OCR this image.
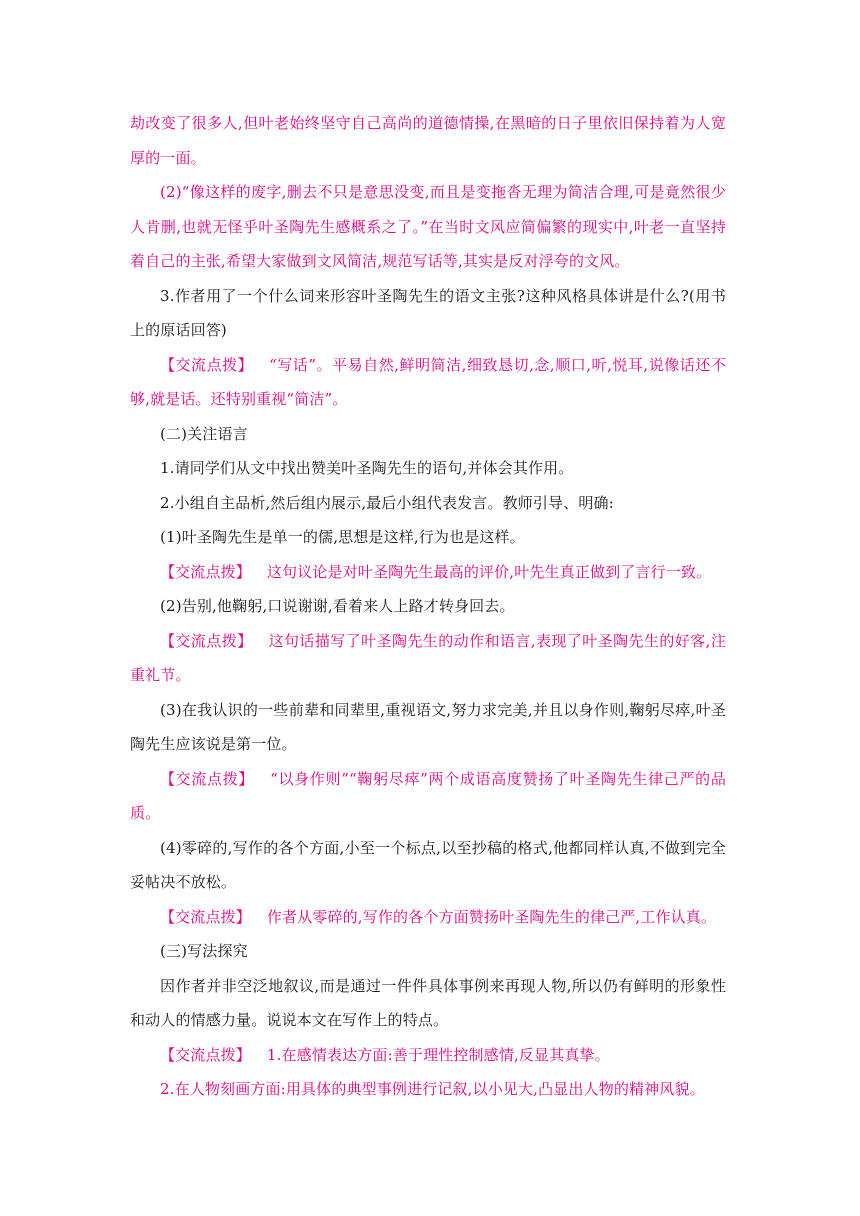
劫改变了很多人,但叶老始终坚守自己高尚的道德情操,在黑暗的日子里依旧保持着为人宽厚的一面。

(2)“像这样的废字,删去不只是意思没变,而且是变拖沓无理为简洁合理,可是竟然很少人肯删,也就无怪乎叶圣陶先生感概系之了。”在当时文风应简偏繁的现实中,叶老一直坚持着自己的主张,希望大家做到文风简洁,规范写话等,其实是反对浮夸的文风。

3.作者用了一个什么词来形容叶圣陶先生的语文主张?这种风格具体讲是什么?(用书上的原话回答)

【交流点拨】 “写话”。平易自然,鲜明简洁,细致恳切,念,顺口,听,悦耳,说像话还不够,就是话。还特别重视“简洁”。

(二)关注语言

1.请同学们从文中找出赞美叶圣陶先生的语句,并体会其作用。

2.小组自主品析,然后组内展示,最后小组代表发言。教师引导、明确:

(1)叶圣陶先生是单一的儒,思想是这样,行为也是这样。

【交流点拨】 这句议论是对叶圣陶先生最高的评价,叶先生真正做到了言行一致。

(2)告别,他鞠躬,口说谢谢,看着来人上路才转身回去。

【交流点拨】 这句话描写了叶圣陶先生的动作和语言,表现了叶圣陶先生的好客,注重礼节。

(3)在我认识的一些前辈和同辈里,重视语文,努力求完美,并且以身作则,鞠躬尽瘁,叶圣陶先生应该说是第一位。

【交流点拨】 “以身作则”“鞠躬尽瘁”两个成语高度赞扬了叶圣陶先生律己严的品质。

(4)零碎的,写作的各个方面,小至一个标点,以至抄稿的格式,他都同样认真,不做到完全妥帖决不放松。

【交流点拨】 作者从零碎的,写作的各个方面赞扬叶圣陶先生的律己严,工作认真。

(三)写法探究

因作者并非空泛地叙议,而是通过一件件具体事例来再现人物,所以仍有鲜明的形象性和动人的情感力量。说说本文在写作上的特点。

【交流点拨】 1.在感情表达方面:善于理性控制感情,反显其真挚。

2.在人物刻画方面:用具体的典型事例进行记叙,以小见大,凸显出人物的精神风貌。
